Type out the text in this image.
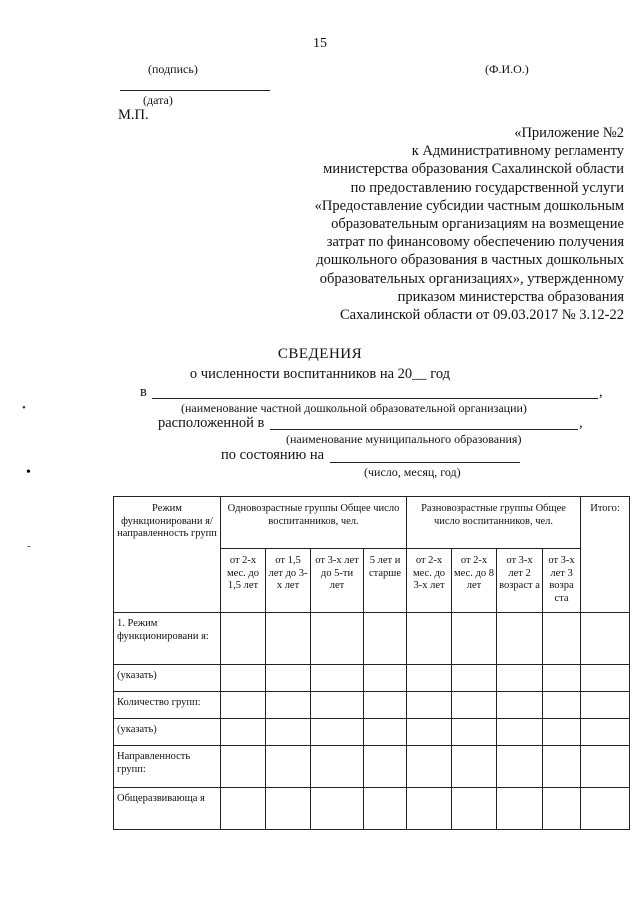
15
(подпись)	(Ф.И.О.)
(дата)
М.П.
«Приложение №2
к Административному регламенту
министерства образования Сахалинской области
по предоставлению государственной услуги
«Предоставление субсидии частным дошкольным
образовательным организациям на возмещение
затрат по финансовому обеспечению получения
дошкольного образования в частных дошкольных
образовательных организациях», утвержденному
приказом министерства образования
Сахалинской области от 09.03.2017 № 3.12-22
СВЕДЕНИЯ
о численности воспитанников на 20__ год
в	,
(наименование частной дошкольной образовательной организации)
расположенной в	,
(наименование муниципального образования)
по состоянию на
(число, месяц, год)
•
•
-
Режим функционировани я/ направленность групп	Одновозрастные группы Общее число воспитанников, чел.				Разновозрастные группы Общее число воспитанников, чел.				Итого:
	от 2-х мес. до 1,5 лет	от 1,5 лет до 3-х лет	от 3-х лет до 5-ти лет	5 лет и старше	от 2-х мес. до 3-х лет	от 2-х мес. до 8 лет	от 3-х лет 2 возраст а	от 3-х лет 3 возра ста	
1. Режим функционировани я:									
(указать)									
Количество групп:									
(указать)									
Направленность групп:									
Общеразвивающа я									
